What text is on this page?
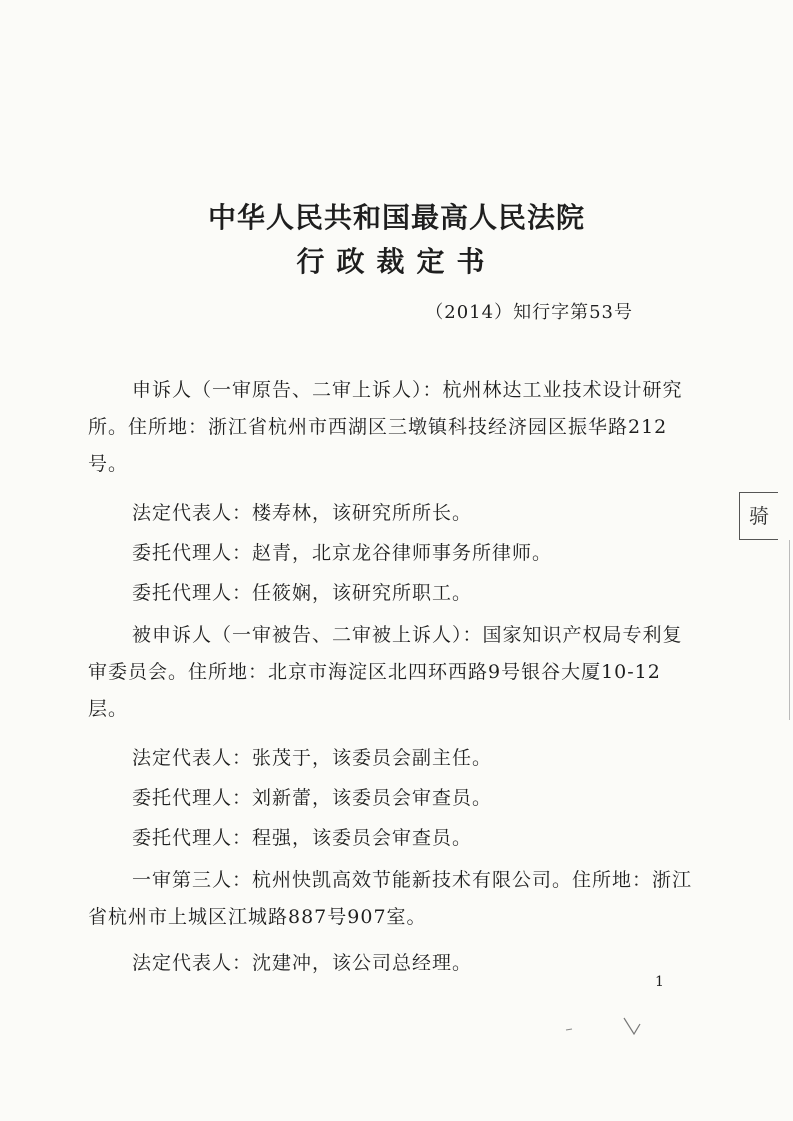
中华人民共和国最高人民法院
行政裁定书
（2014）知行字第53号

申诉人（一审原告、二审上诉人）：杭州林达工业技术设计研究所。住所地：浙江省杭州市西湖区三墩镇科技经济园区振华路212号。

法定代表人：楼寿林，该研究所所长。

委托代理人：赵青，北京龙谷律师事务所律师。

委托代理人：任筱娴，该研究所职工。

被申诉人（一审被告、二审被上诉人）：国家知识产权局专利复审委员会。住所地：北京市海淀区北四环西路9号银谷大厦10-12层。

法定代表人：张茂于，该委员会副主任。

委托代理人：刘新蕾，该委员会审查员。

委托代理人：程强，该委员会审查员。

一审第三人：杭州快凯高效节能新技术有限公司。住所地：浙江省杭州市上城区江城路887号907室。

法定代表人：沈建冲，该公司总经理。

1
骑
